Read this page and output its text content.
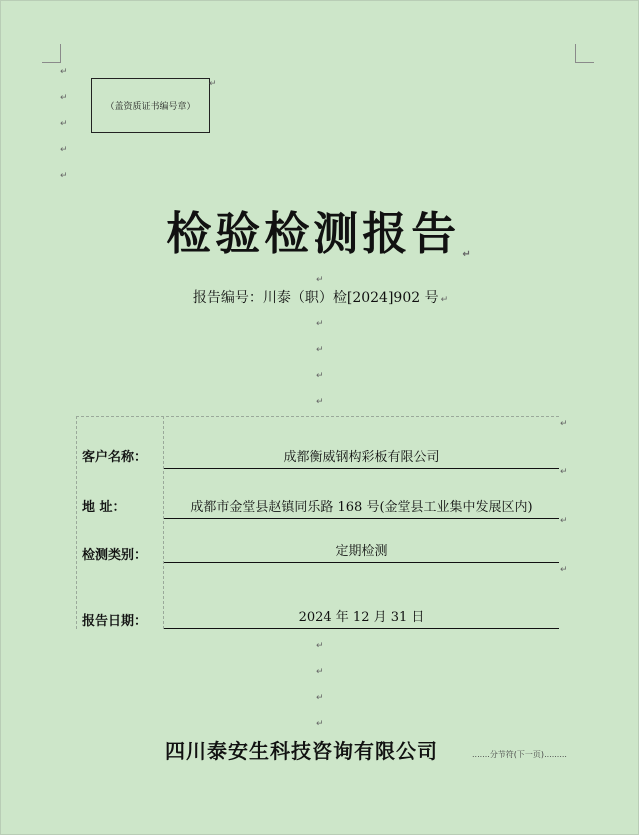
↵
↵
↵
↵
↵
（盖资质证书编号章）
↵
检验检测报告 ↵
↵
报告编号：川泰（职）检[2024]902 号 ↵
↵
↵
↵
↵
客户名称：	成都衡威钢构彩板有限公司
地 址：	成都市金堂县赵镇同乐路 168 号(金堂县工业集中发展区内)
检测类别：	定期检测
报告日期：	2024 年 12 月 31 日
↵
↵
↵
↵
↵
↵
↵
↵
四川泰安生科技咨询有限公司	.......分节符(下一页).........
